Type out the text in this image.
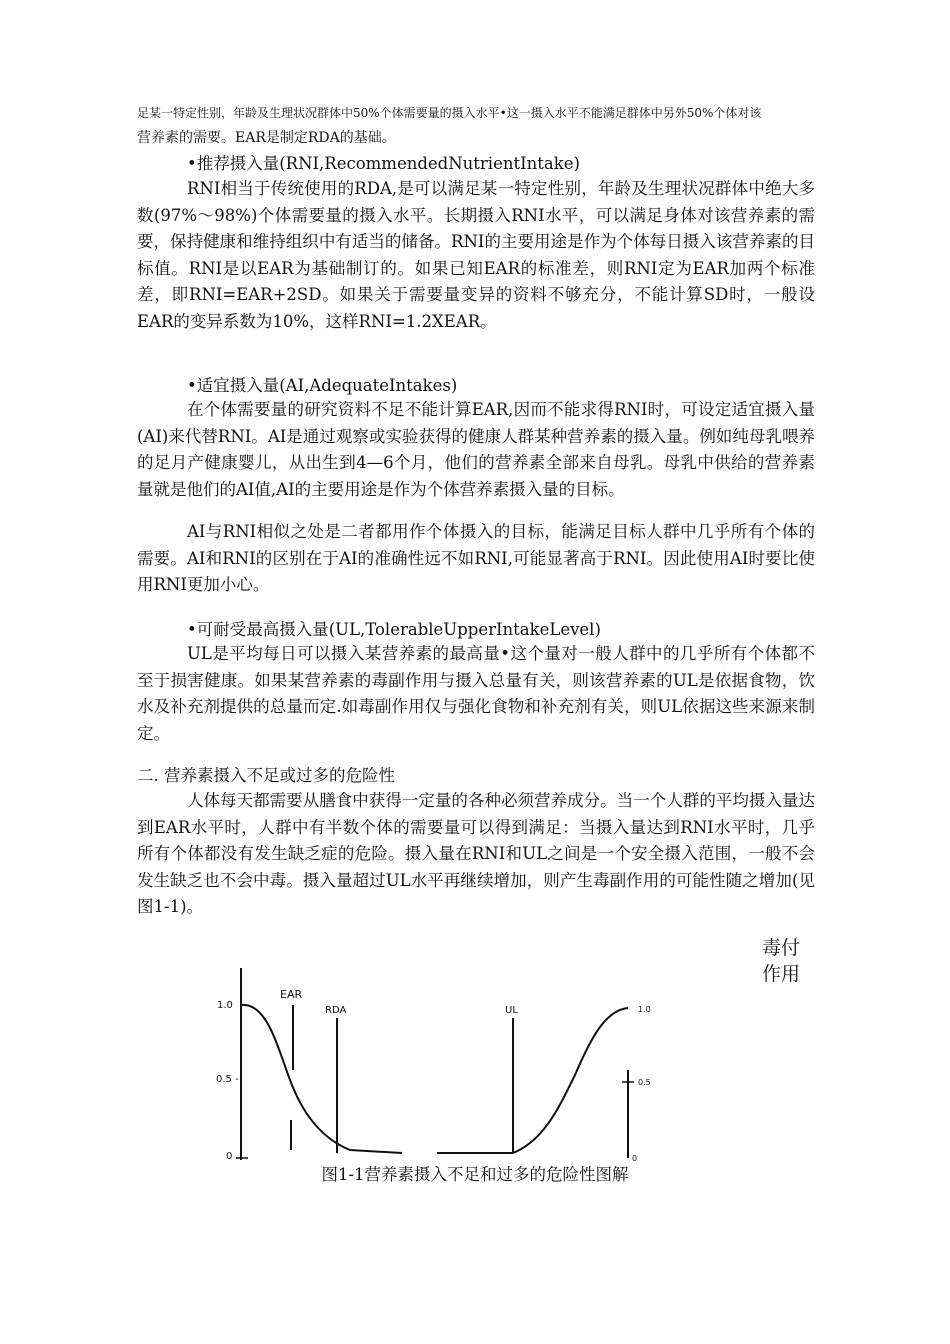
足某一特定性别，年龄及生理状况群体中50%个体需要量的摄入水平•这一摄入水平不能满足群体中另外50%个体对该
营养素的需要。EAR是制定RDA的基础。
•推荐摄入量(RNI,RecommendedNutrientIntake)
RNI相当于传统使用的RDA,是可以满足某一特定性别，年龄及生理状况群体中绝大多数(97%〜98%)个体需要量的摄入水平。长期摄入RNI水平，可以满足身体对该营养素的需要，保持健康和维持组织中有适当的储备。RNI的主要用途是作为个体每日摄入该营养素的目标值。RNI是以EAR为基础制订的。如果已知EAR的标准差，则RNI定为EAR加两个标准差，即RNI=EAR+2SD。如果关于需要量变异的资料不够充分，不能计算SD时，一般设EAR的变异系数为10%，这样RNI=1.2XEAR。
•适宜摄入量(AI,AdequateIntakes)
在个体需要量的研究资料不足不能计算EAR,因而不能求得RNI时，可设定适宜摄入量(AI)来代替RNI。AI是通过观察或实验获得的健康人群某种营养素的摄入量。例如纯母乳喂养的足月产健康婴儿，从出生到4—6个月，他们的营养素全部来自母乳。母乳中供给的营养素量就是他们的AI值,AI的主要用途是作为个体营养素摄入量的目标。
AI与RNI相似之处是二者都用作个体摄入的目标，能满足目标人群中几乎所有个体的需要。AI和RNI的区别在于AI的准确性远不如RNI,可能显著高于RNI。因此使用AI时要比使用RNI更加小心。
•可耐受最高摄入量(UL,TolerableUpperIntakeLevel)
UL是平均每日可以摄入某营养素的最高量•这个量对一般人群中的几乎所有个体都不至于损害健康。如果某营养素的毒副作用与摄入总量有关，则该营养素的UL是依据食物，饮水及补充剂提供的总量而定.如毒副作用仅与强化食物和补充剂有关，则UL依据这些来源来制定。
二. 营养素摄入不足或过多的危险性
人体每天都需要从膳食中获得一定量的各种必须营养成分。当一个人群的平均摄入量达到EAR水平时，人群中有半数个体的需要量可以得到满足：当摄入量达到RNI水平时，几乎所有个体都没有发生缺乏症的危险。摄入量在RNI和UL之间是一个安全摄入范围，一般不会发生缺乏也不会中毒。摄入量超过UL水平再继续增加，则产生毒副作用的可能性随之增加(见图1-1)。
毒付
作用
1.0
0.5 -
0
EAR
RDA	UL	1.0
0.5
0
图1-1营养素摄入不足和过多的危险性图解
